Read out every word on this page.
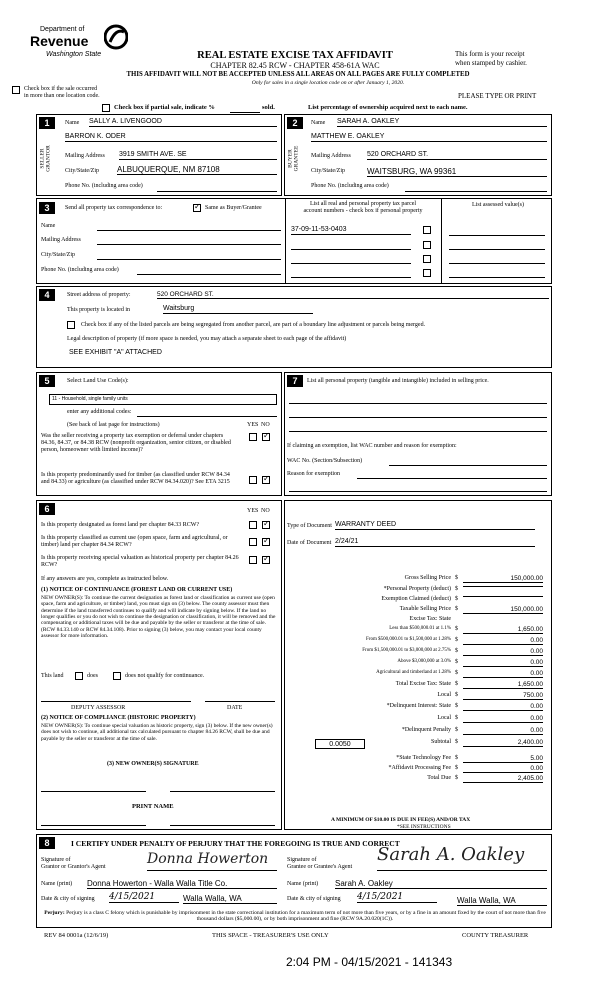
Department of
Revenue
Washington State	REAL ESTATE EXCISE TAX AFFIDAVIT
CHAPTER 82.45 RCW - CHAPTER 458-61A WAC
This form is your receipt
when stamped by cashier.
THIS AFFIDAVIT WILL NOT BE ACCEPTED UNLESS ALL AREAS ON ALL PAGES ARE FULLY COMPLETED
Only for sales in a single location code on or after January 1, 2020.
Check box if the sale occurred
in more than one location code.	PLEASE TYPE OR PRINT
Check box if partial sale, indicate %	sold.	List percentage of ownership acquired next to each name.
1
SELLER
GRANTOR
Name SALLY A. LIVENGOOD
BARRON K. ODER
Mailing Address 3919 SMITH AVE. SE
City/State/Zip ALBUQUERQUE, NM 87108
Phone No. (including area code)
2
BUYER
GRANTEE
Name SARAH A. OAKLEY
MATTHEW E. OAKLEY
Mailing Address 520 ORCHARD ST.
City/State/Zip	WAITSBURG, WA 99361
Phone No. (including area code)
3	Send all property tax correspondence to:
✓	Same as Buyer/Grantee
Name
Mailing Address
City/State/Zip
Phone No. (including area code)
List all real and personal property tax parcel
account numbers - check box if personal property
List assessed value(s)
37-09-11-53-0403
4	Street address of property:	520 ORCHARD ST.
This property is located in	Waitsburg
Check box if any of the listed parcels are being segregated from another parcel, are part of a boundary line adjustment or parcels being merged.
Legal description of property (if more space is needed, you may attach a separate sheet to each page of the affidavit)
SEE EXHIBIT "A" ATTACHED
5	Select Land Use Code(s):
11 - Household, single family units
enter any additional codes:
(See back of last page for instructions)	YES NO
Was the seller receiving a property tax exemption or deferral under chapters 84.36, 84.37, or 84.38 RCW (nonprofit organization, senior citizen, or disabled person, homeowner with limited income)?
✓
Is this property predominantly used for timber (as classified under RCW 84.34 and 84.33) or agriculture (as classified under RCW 84.34.020)? See ETA 3215
✓
7	List all personal property (tangible and intangible) included in selling price.
If claiming an exemption, list WAC number and reason for exemption:
WAC No. (Section/Subsection)
Reason for exemption
6	YES NO
Is this property designated as forest land per chapter 84.33 RCW?
✓
Is this property classified as current use (open space, farm and agricultural, or timber) land per chapter 84.34 RCW?
✓
Is this property receiving special valuation as historical property per chapter 84.26 RCW?
✓
If any answers are yes, complete as instructed below.
(1) NOTICE OF CONTINUANCE (FOREST LAND OR CURRENT USE)
NEW OWNER(S): To continue the current designation as forest land or classification as current use (open space, farm and agriculture, or timber) land, you must sign on (3) below. The county assessor must then determine if the land transferred continues to qualify and will indicate by signing below. If the land no longer qualifies or you do not wish to continue the designation or classification, it will be removed and the compensating or additional taxes will be due and payable by the seller or transferor at the time of sale. (RCW 84.33.140 or RCW 84.34.108). Prior to signing (3) below, you may contact your local county assessor for more information.
This land	does	does not qualify for continuance.
DEPUTY ASSESSOR	DATE
(2) NOTICE OF COMPLIANCE (HISTORIC PROPERTY)
NEW OWNER(S): To continue special valuation as historic property, sign (3) below. If the new owner(s) does not wish to continue, all additional tax calculated pursuant to chapter 84.26 RCW, shall be due and payable by the seller or transferor at the time of sale.
(3) NEW OWNER(S) SIGNATURE
PRINT NAME
Type of Document WARRANTY DEED
Date of Document 2/24/21
Gross Selling Price $	150,000.00
*Personal Property (deduct) $
Exemption Claimed (deduct) $
Taxable Selling Price $	150,000.00
Excise Tax: State
Less than $500,000.01 at 1.1% $	1,650.00
From $500,000.01 to $1,500,000 at 1.28% $	0.00
From $1,500,000.01 to $3,000,000 at 2.75% $	0.00
Above $3,000,000 at 3.0% $	0.00
Agricultural and timberland at 1.28% $	0.00
Total Excise Tax: State $	1,650.00
Local $	750.00
*Delinquent Interest: State $	0.00
Local $	0.00
*Delinquent Penalty $	0.00
Subtotal $	2,400.00
*State Technology Fee $	5.00
*Affidavit Processing Fee $	0.00
Total Due $	2,405.00
0.0050
A MINIMUM OF $10.00 IS DUE IN FEE(S) AND/OR TAX
*SEE INSTRUCTIONS
8	I CERTIFY UNDER PENALTY OF PERJURY THAT THE FOREGOING IS TRUE AND CORRECT
Signature of
Grantor or Grantor's Agent	Donna Howerton	Signature of
Grantee or Grantee's Agent
Sarah A. Oakley
Name (print) Donna Howerton - Walla Walla Title Co.	Name (print) Sarah A. Oakley
Date & city of signing 4/15/2021	Walla Walla, WA	Date & city of signing 4/15/2021	Walla Walla, WA
Perjury: Perjury is a class C felony which is punishable by imprisonment in the state correctional institution for a maximum term of not more than five years, or by a fine in an amount fixed by the court of not more than five thousand dollars ($5,000.00), or by both imprisonment and fine (RCW 9A.20.020(1C)).
REV 84 0001a (12/6/19)	THIS SPACE - TREASURER'S USE ONLY	COUNTY TREASURER
2:04 PM - 04/15/2021 - 141343
